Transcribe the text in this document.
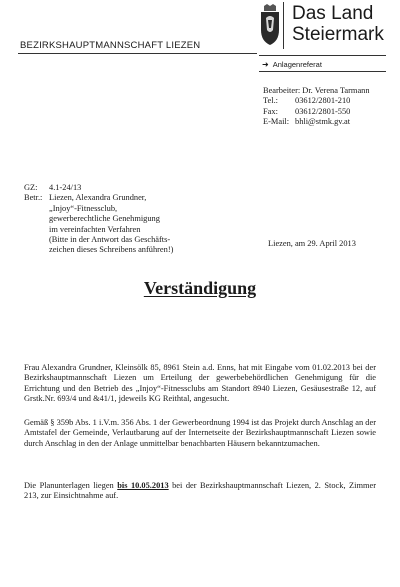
BEZIRKSHAUPTMANNSCHAFT LIEZEN
Das Land
Steiermark
➜ Anlagenreferat
Bearbeiter:
Dr. Verena Tarmann
Tel.:	03612/2801-210
Fax:	03612/2801-550
E-Mail: bhli@stmk.gv.at
GZ:	4.1-24/13
Betr.: Liezen, Alexandra Grundner,
„Injoy“-Fitnessclub,
gewerberechtliche Genehmigung
im vereinfachten Verfahren
(Bitte in der Antwort das Geschäfts-
zeichen dieses Schreibens anführen!)
Liezen, am 29. April 2013
Verständigung
Frau Alexandra Grundner, Kleinsölk 85, 8961 Stein a.d. Enns, hat mit Eingabe vom 01.02.2013 bei der Bezirkshauptmannschaft Liezen um Erteilung der gewerbebehördlichen Genehmigung für die Errichtung und den Betrieb des „Injoy“-Fitnessclubs am Standort 8940 Liezen, Gesäusestraße 12, auf Grstk.Nr. 693/4 und &41/1, jdeweils KG Reithtal, angesucht.
Gemäß § 359b Abs. 1 i.V.m. 356 Abs. 1 der Gewerbeordnung 1994 ist das Projekt durch Anschlag an der Amtstafel der Gemeinde, Verlautbarung auf der Internetseite der Bezirkshauptmannschaft Liezen sowie durch Anschlag in den der Anlage unmittelbar benachbarten Häusern bekanntzumachen.
Die Planunterlagen liegen bis 10.05.2013 bei der Bezirkshauptmannschaft Liezen, 2. Stock, Zimmer 213, zur Einsichtnahme auf.
